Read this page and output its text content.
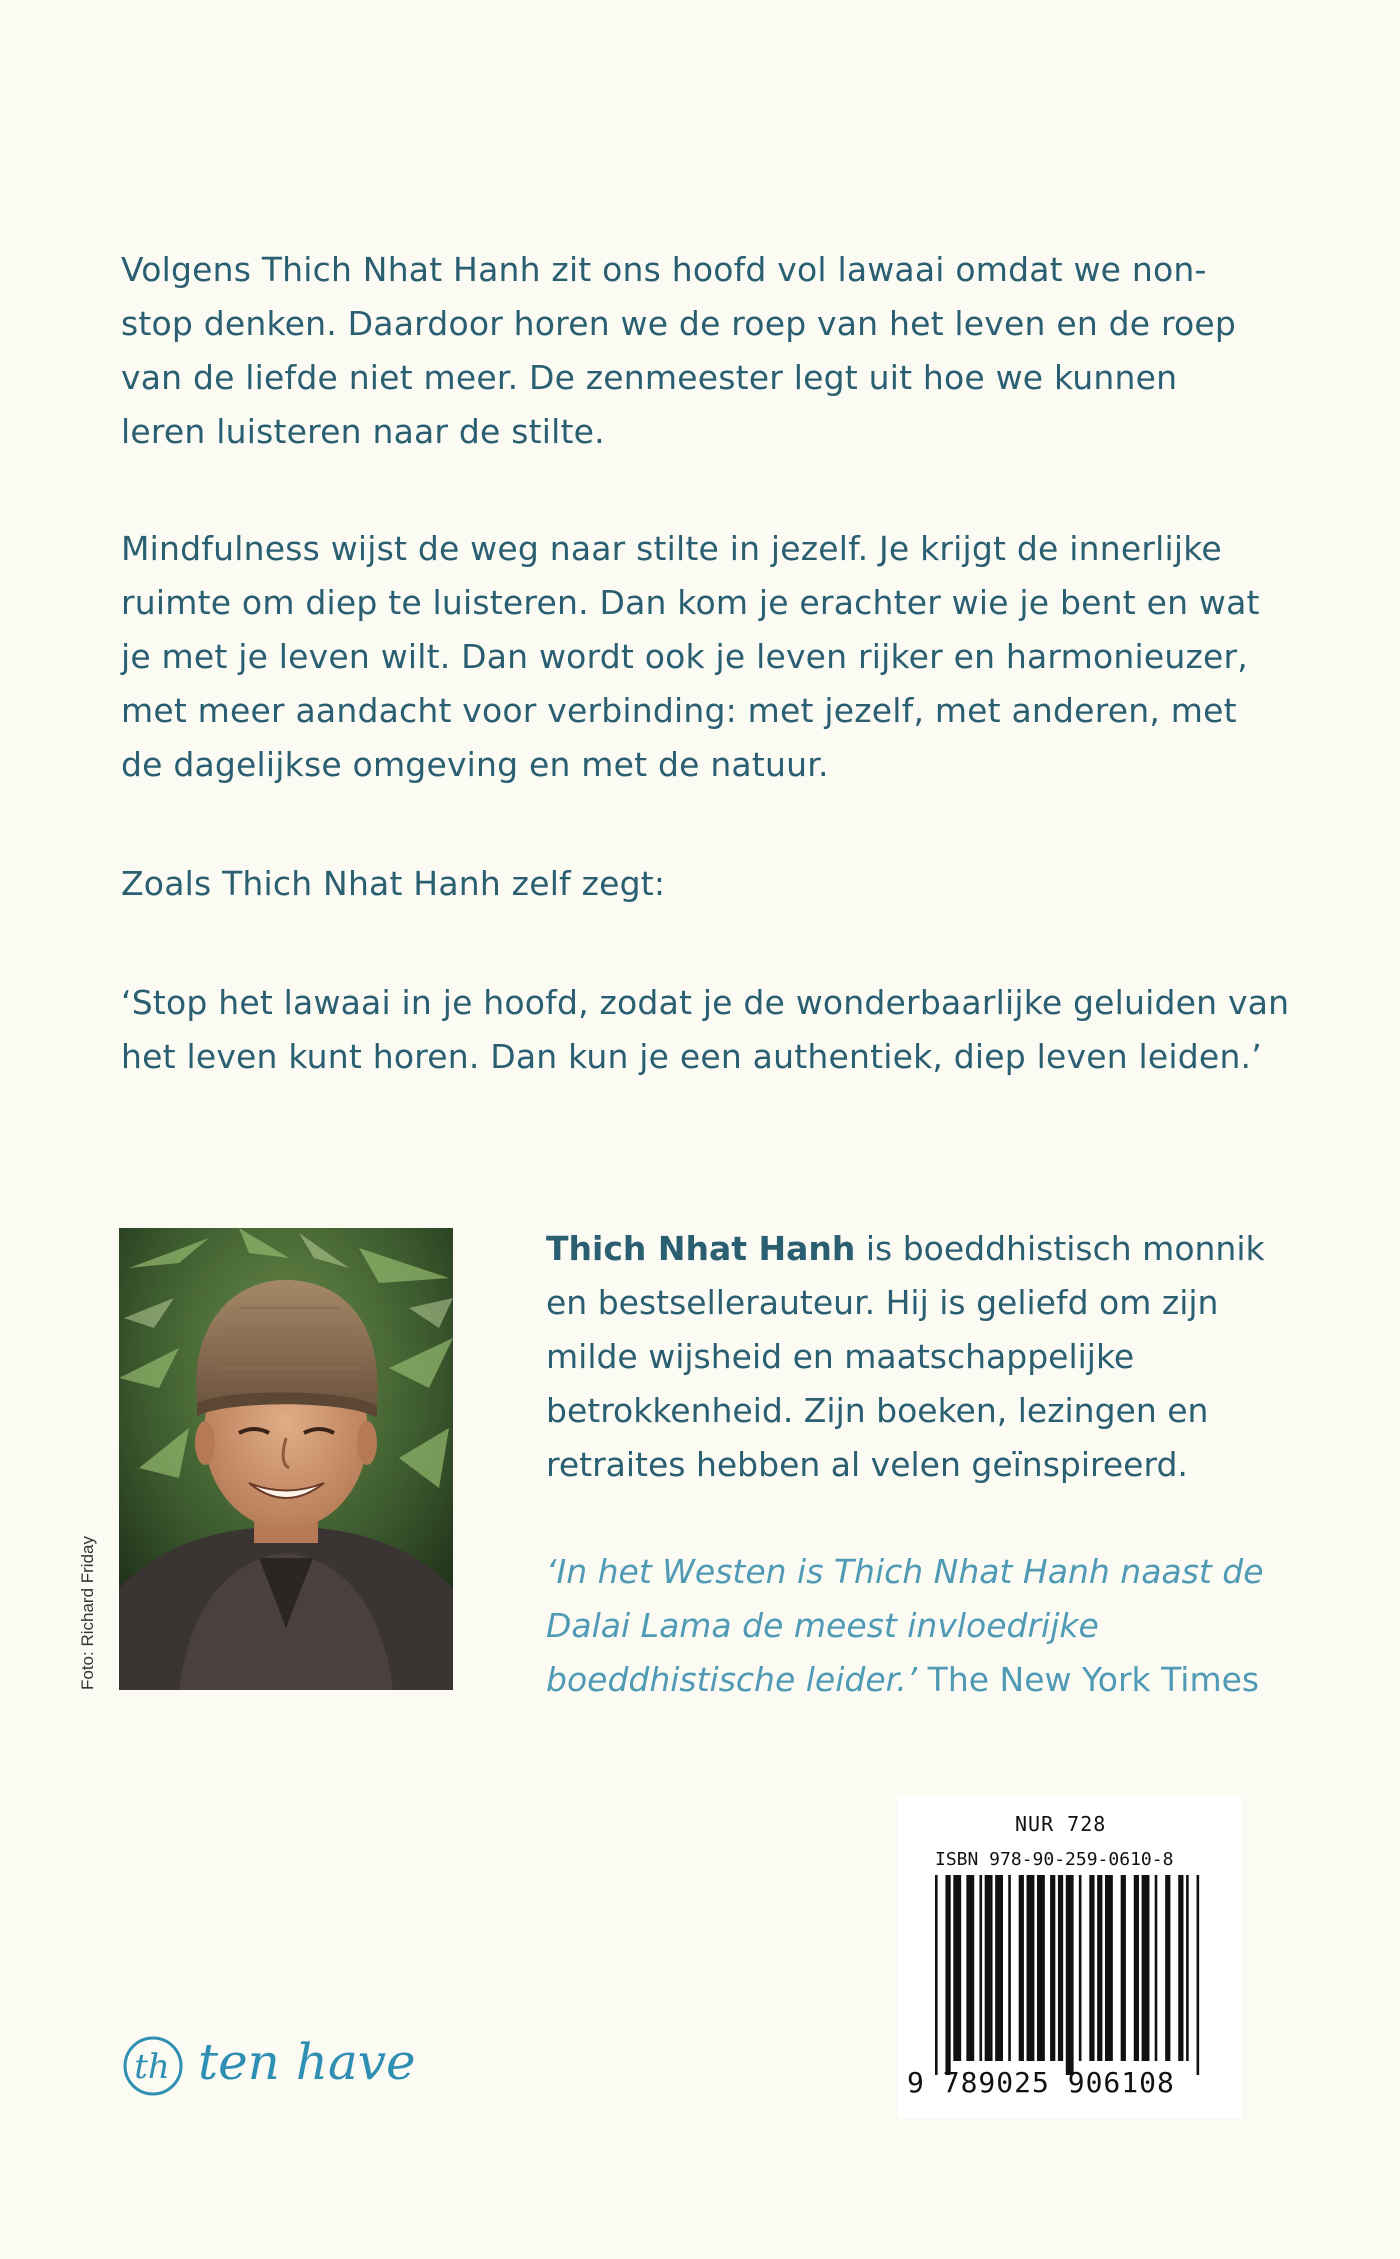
Volgens Thich Nhat Hanh zit ons hoofd vol lawaai omdat we non-stop denken. Daardoor horen we de roep van het leven en de roep van de liefde niet meer. De zenmeester legt uit hoe we kunnen leren luisteren naar de stilte.

Mindfulness wijst de weg naar stilte in jezelf. Je krijgt de innerlijke ruimte om diep te luisteren. Dan kom je erachter wie je bent en wat je met je leven wilt. Dan wordt ook je leven rijker en harmonieuzer, met meer aandacht voor verbinding: met jezelf, met anderen, met de dagelijkse omgeving en met de natuur.

Zoals Thich Nhat Hanh zelf zegt:

‘Stop het lawaai in je hoofd, zodat je de wonderbaarlijke geluiden van het leven kunt horen. Dan kun je een authentiek, diep leven leiden.’

Foto: Richard Friday

Thich Nhat Hanh is boeddhistisch monnik en bestsellerauteur. Hij is geliefd om zijn milde wijsheid en maatschappelijke betrokkenheid. Zijn boeken, lezingen en retraites hebben al velen geïnspireerd.

‘In het Westen is Thich Nhat Hanh naast de Dalai Lama de meest invloedrijke boeddhistische leider.’ The New York Times

th ten have
NUR 728
ISBN 978-90-259-0610-8
9 789025 906108
